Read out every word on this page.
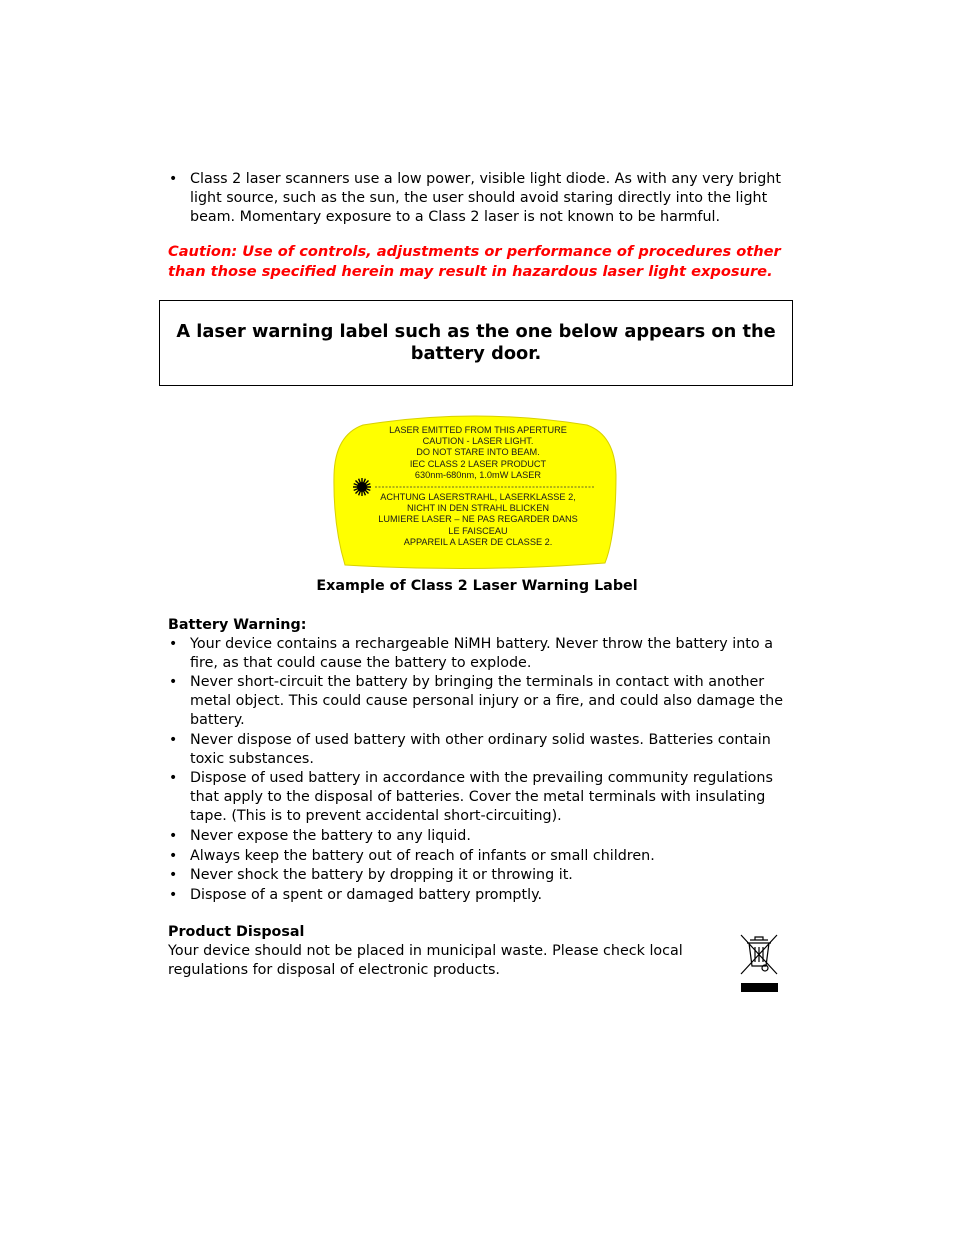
• Class 2 laser scanners use a low power, visible light diode. As with any very bright light source, such as the sun, the user should avoid staring directly into the light beam. Momentary exposure to a Class 2 laser is not known to be harmful.

Caution: Use of controls, adjustments or performance of procedures other than those specified herein may result in hazardous laser light exposure.

A laser warning label such as the one below appears on the battery door.
LASER EMITTED FROM THIS APERTURE
CAUTION - LASER LIGHT.
DO NOT STARE INTO BEAM.
IEC CLASS 2 LASER PRODUCT
630nm-680nm, 1.0mW LASER
ACHTUNG LASERSTRAHL, LASERKLASSE 2,
NICHT IN DEN STRAHL BLICKEN
LUMIERE LASER – NE PAS REGARDER DANS
LE FAISCEAU
APPAREIL A LASER DE CLASSE 2.
Example of Class 2 Laser Warning Label

Battery Warning:

• Your device contains a rechargeable NiMH battery. Never throw the battery into a fire, as that could cause the battery to explode.
• Never short-circuit the battery by bringing the terminals in contact with another metal object. This could cause personal injury or a fire, and could also damage the battery.
• Never dispose of used battery with other ordinary solid wastes. Batteries contain toxic substances.
• Dispose of used battery in accordance with the prevailing community regulations that apply to the disposal of batteries. Cover the metal terminals with insulating tape. (This is to prevent accidental short-circuiting).
• Never expose the battery to any liquid.
• Always keep the battery out of reach of infants or small children.
• Never shock the battery by dropping it or throwing it.
• Dispose of a spent or damaged battery promptly.

Product Disposal

Your device should not be placed in municipal waste. Please check local regulations for disposal of electronic products.
